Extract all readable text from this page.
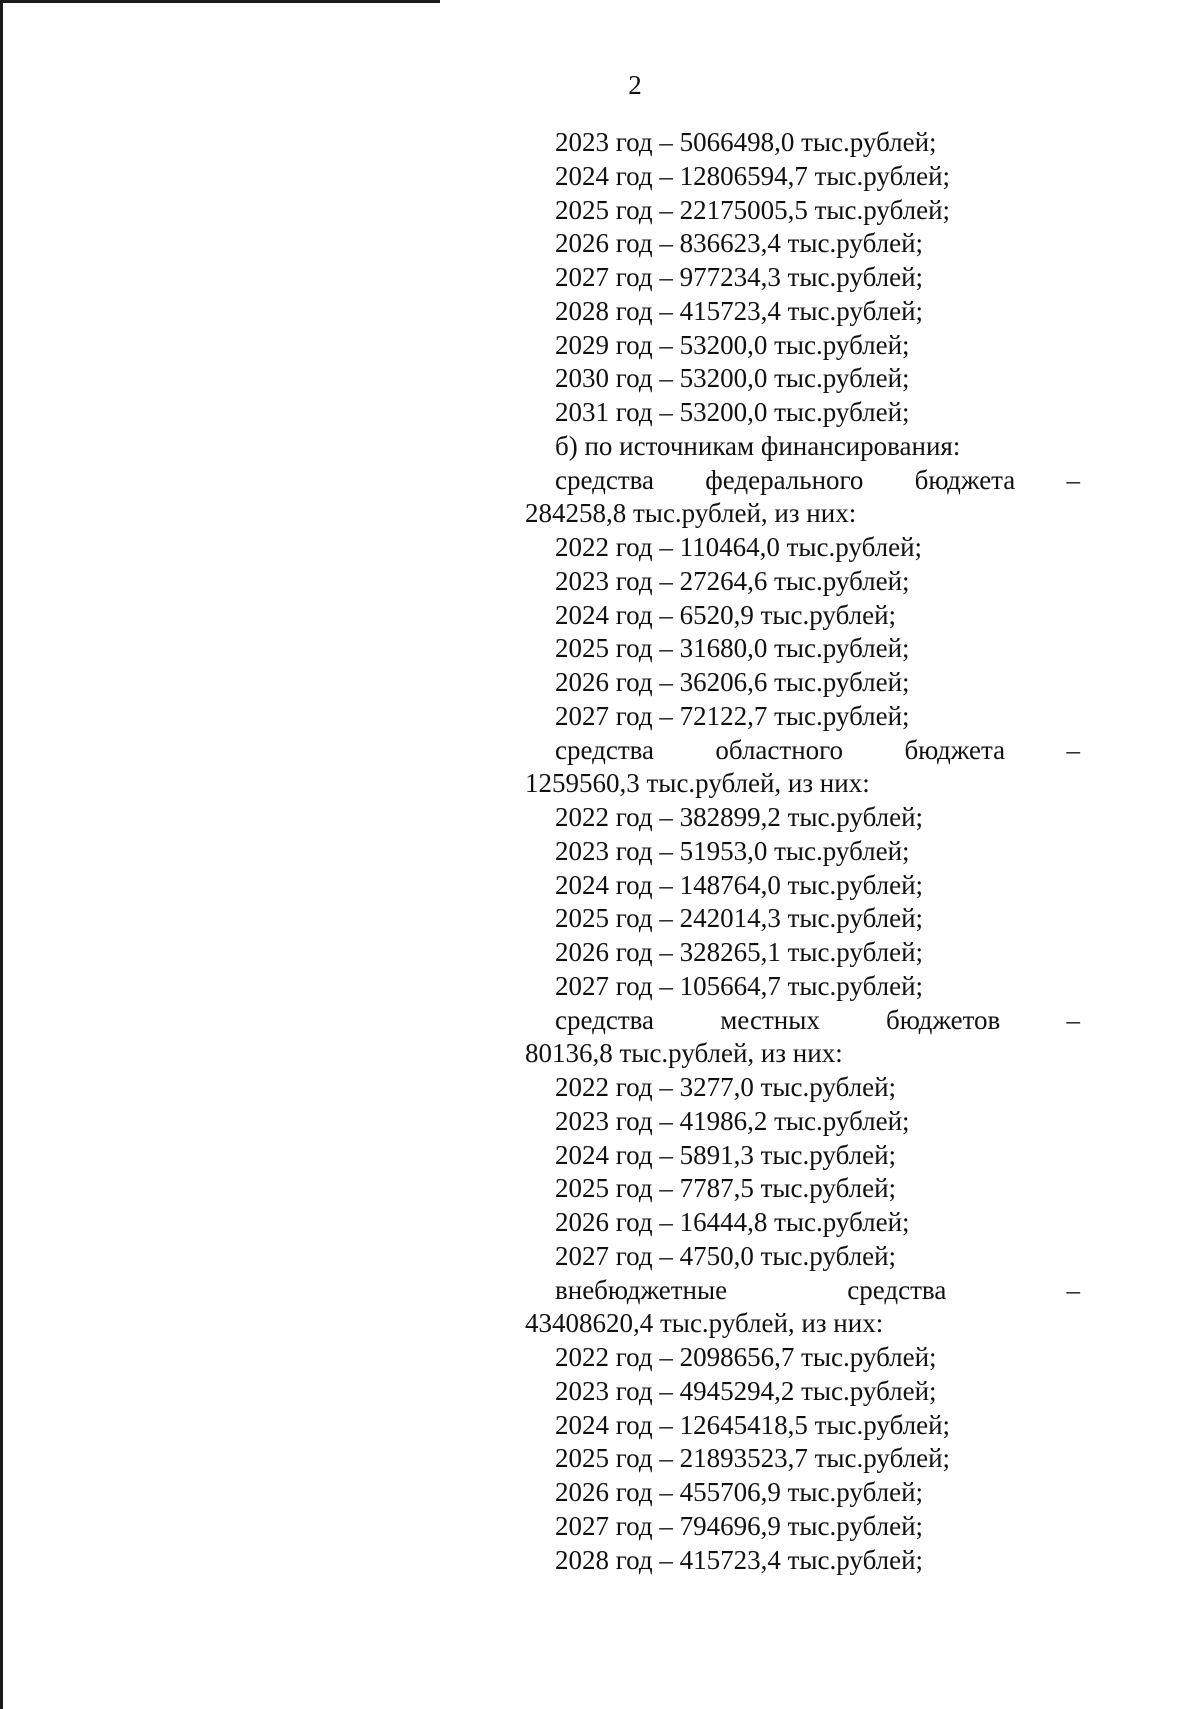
2
2023 год – 5066498,0 тыс.рублей;
2024 год – 12806594,7 тыс.рублей;
2025 год – 22175005,5 тыс.рублей;
2026 год – 836623,4 тыс.рублей;
2027 год – 977234,3 тыс.рублей;
2028 год – 415723,4 тыс.рублей;
2029 год – 53200,0 тыс.рублей;
2030 год – 53200,0 тыс.рублей;
2031 год – 53200,0 тыс.рублей;
б) по источникам финансирования:
средства федерального бюджета –
284258,8 тыс.рублей, из них:
2022 год – 110464,0 тыс.рублей;
2023 год – 27264,6 тыс.рублей;
2024 год – 6520,9 тыс.рублей;
2025 год – 31680,0 тыс.рублей;
2026 год – 36206,6 тыс.рублей;
2027 год – 72122,7 тыс.рублей;
средства областного бюджета –
1259560,3 тыс.рублей, из них:
2022 год – 382899,2 тыс.рублей;
2023 год – 51953,0 тыс.рублей;
2024 год – 148764,0 тыс.рублей;
2025 год – 242014,3 тыс.рублей;
2026 год – 328265,1 тыс.рублей;
2027 год – 105664,7 тыс.рублей;
средства местных бюджетов –
80136,8 тыс.рублей, из них:
2022 год – 3277,0 тыс.рублей;
2023 год – 41986,2 тыс.рублей;
2024 год – 5891,3 тыс.рублей;
2025 год – 7787,5 тыс.рублей;
2026 год – 16444,8 тыс.рублей;
2027 год – 4750,0 тыс.рублей;
внебюджетные	средства	–
43408620,4 тыс.рублей, из них:
2022 год – 2098656,7 тыс.рублей;
2023 год – 4945294,2 тыс.рублей;
2024 год – 12645418,5 тыс.рублей;
2025 год – 21893523,7 тыс.рублей;
2026 год – 455706,9 тыс.рублей;
2027 год – 794696,9 тыс.рублей;
2028 год – 415723,4 тыс.рублей;
